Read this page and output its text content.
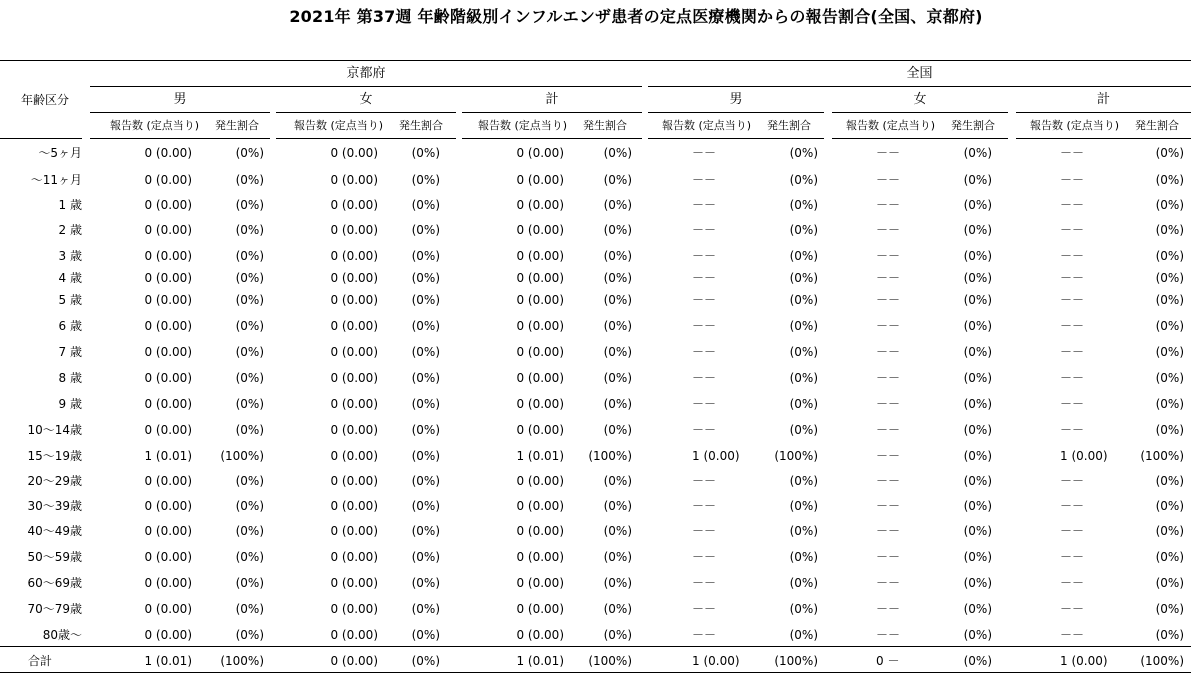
2021年 第37週 年齢階級別インフルエンザ患者の定点医療機関からの報告割合(全国、京都府)
年齢区分
京都府	全国
男	女	計	男	女	計
報告数 (定点当り) 発生割合	報告数 (定点当り) 発生割合	報告数 (定点当り) 発生割合	報告数 (定点当り) 発生割合	報告数 (定点当り) 発生割合	報告数 (定点当り) 発生割合
～5ヶ月	0 (0.00)	(0%)	0 (0.00)	(0%)	0 (0.00)	(0%)	－－	(0%)	－－	(0%)	－－	(0%)
～11ヶ月	0 (0.00)	(0%)	0 (0.00)	(0%)	0 (0.00)	(0%)	－－	(0%)	－－	(0%)	－－	(0%)
1 歳	0 (0.00)	(0%)	0 (0.00)	(0%)	0 (0.00)	(0%)	－－	(0%)	－－	(0%)	－－	(0%)
2 歳	0 (0.00)	(0%)	0 (0.00)	(0%)	0 (0.00)	(0%)	－－	(0%)	－－	(0%)	－－	(0%)
3 歳	0 (0.00)	(0%)	0 (0.00)	(0%)	0 (0.00)	(0%)	－－	(0%)	－－	(0%)	－－	(0%)
4 歳	0 (0.00)	(0%)	0 (0.00)	(0%)	0 (0.00)	(0%)	－－	(0%)	－－	(0%)	－－	(0%)
5 歳	0 (0.00)	(0%)	0 (0.00)	(0%)	0 (0.00)	(0%)	－－	(0%)	－－	(0%)	－－	(0%)
6 歳	0 (0.00)	(0%)	0 (0.00)	(0%)	0 (0.00)	(0%)	－－	(0%)	－－	(0%)	－－	(0%)
7 歳	0 (0.00)	(0%)	0 (0.00)	(0%)	0 (0.00)	(0%)	－－	(0%)	－－	(0%)	－－	(0%)
8 歳	0 (0.00)	(0%)	0 (0.00)	(0%)	0 (0.00)	(0%)	－－	(0%)	－－	(0%)	－－	(0%)
9 歳	0 (0.00)	(0%)	0 (0.00)	(0%)	0 (0.00)	(0%)	－－	(0%)	－－	(0%)	－－	(0%)
10～14歳	0 (0.00)	(0%)	0 (0.00)	(0%)	0 (0.00)	(0%)	－－	(0%)	－－	(0%)	－－	(0%)
15～19歳	1 (0.01)	(100%)	0 (0.00)	(0%)	1 (0.01)	(100%)	1 (0.00)	(100%)	－－	(0%)	1 (0.00)	(100%)
20～29歳	0 (0.00)	(0%)	0 (0.00)	(0%)	0 (0.00)	(0%)	－－	(0%)	－－	(0%)	－－	(0%)
30～39歳	0 (0.00)	(0%)	0 (0.00)	(0%)	0 (0.00)	(0%)	－－	(0%)	－－	(0%)	－－	(0%)
40～49歳	0 (0.00)	(0%)	0 (0.00)	(0%)	0 (0.00)	(0%)	－－	(0%)	－－	(0%)	－－	(0%)
50～59歳	0 (0.00)	(0%)	0 (0.00)	(0%)	0 (0.00)	(0%)	－－	(0%)	－－	(0%)	－－	(0%)
60～69歳	0 (0.00)	(0%)	0 (0.00)	(0%)	0 (0.00)	(0%)	－－	(0%)	－－	(0%)	－－	(0%)
70～79歳	0 (0.00)	(0%)	0 (0.00)	(0%)	0 (0.00)	(0%)	－－	(0%)	－－	(0%)	－－	(0%)
80歳～	0 (0.00)	(0%)	0 (0.00)	(0%)	0 (0.00)	(0%)	－－	(0%)	－－	(0%)	－－	(0%)
合計	1 (0.01)	(100%)	0 (0.00)	(0%)	1 (0.01)	(100%)	1 (0.00)	(100%)	0 －	(0%)	1 (0.00)	(100%)
